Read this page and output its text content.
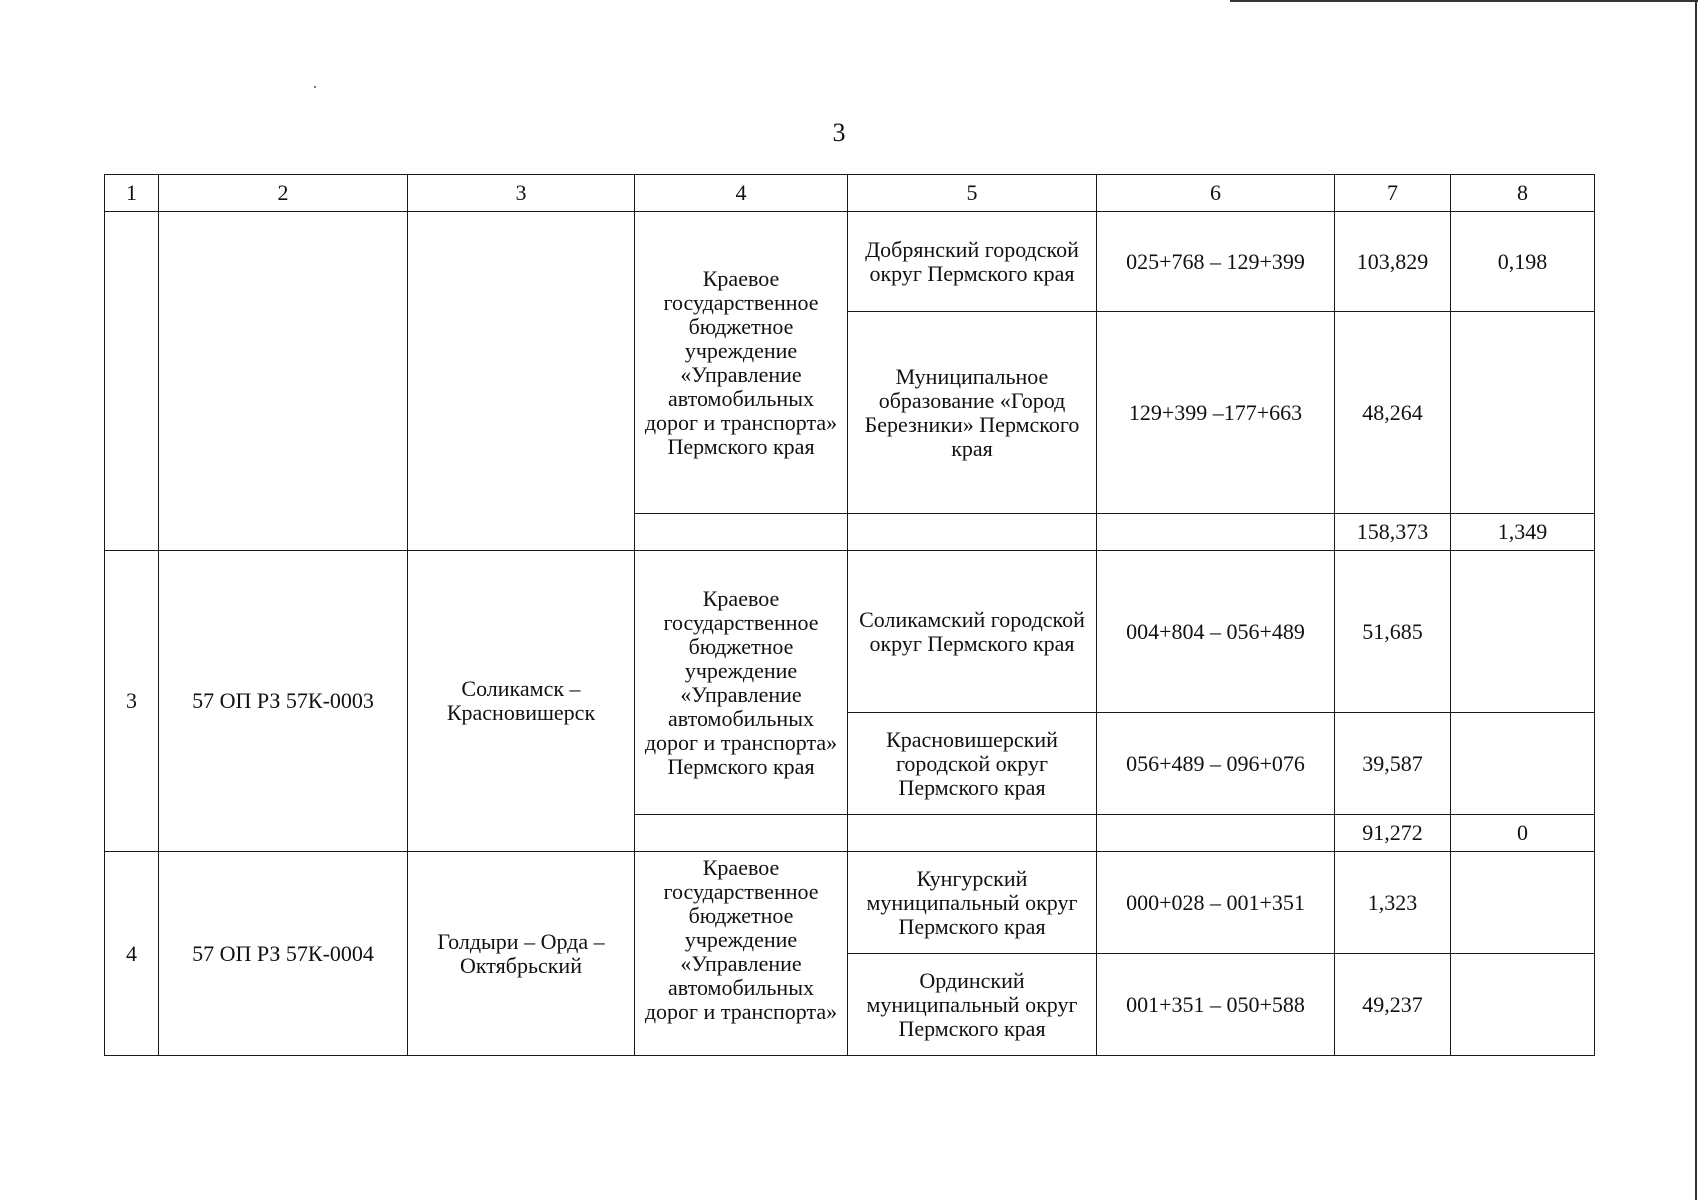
3
1	2	3	4	5	6	7	8
			Краевое государственное бюджетное учреждение «Управление автомобильных дорог и транспорта» Пермского края	Добрянский городской округ Пермского края	025+768 – 129+399	103,829	0,198
				Муниципальное образование «Город Березники» Пермского края	129+399 –177+663	48,264	
						158,373	1,349
3	57 ОП РЗ 57К-0003	Соликамск – Красновишерск	Краевое государственное бюджетное учреждение «Управление автомобильных дорог и транспорта» Пермского края	Соликамский городской округ Пермского края	004+804 – 056+489	51,685	
				Красновишерский городской округ Пермского края	056+489 – 096+076	39,587	
						91,272	0
4	57 ОП РЗ 57К-0004	Голдыри – Орда – Октябрьский	Краевое государственное бюджетное учреждение «Управление автомобильных дорог и транспорта»	Кунгурский муниципальный округ Пермского края	000+028 – 001+351	1,323	
				Ординский муниципальный округ Пермского края	001+351 – 050+588	49,237	
